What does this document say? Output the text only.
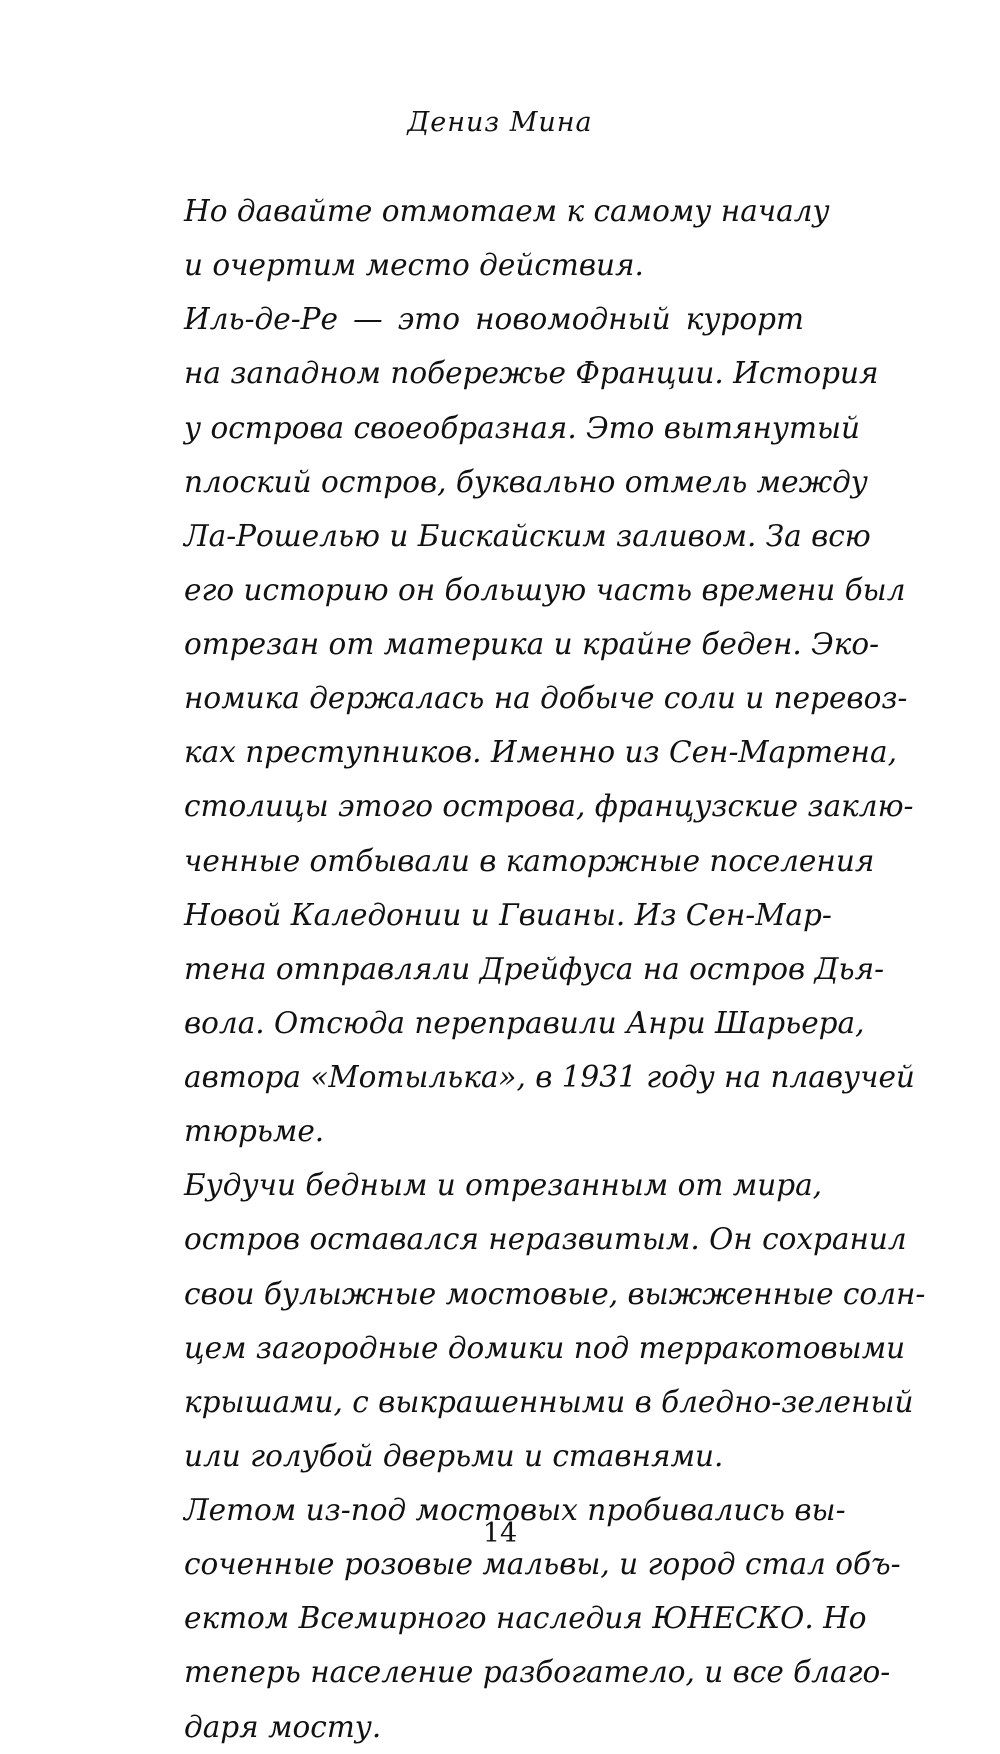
Дениз Мина

Но давайте отмотаем к самому началу
и очертим место действия.

Иль-де-Ре — это новомодный курорт
на западном побережье Франции. История
у острова своеобразная. Это вытянутый
плоский остров, буквально отмель между
Ла-Рошелью и Бискайским заливом. За всю
его историю он большую часть времени был
отрезан от материка и крайне беден. Эко-
номика держалась на добыче соли и перевоз-
ках преступников. Именно из Сен-Мартена,
столицы этого острова, французские заклю-
ченные отбывали в каторжные поселения
Новой Каледонии и Гвианы. Из Сен-Мар-
тена отправляли Дрейфуса на остров Дья-
вола. Отсюда переправили Анри Шарьера,
автора «Мотылька», в 1931 году на плавучей
тюрьме.

Будучи бедным и отрезанным от мира,
остров оставался неразвитым. Он сохранил
свои булыжные мостовые, выжженные солн-
цем загородные домики под терракотовыми
крышами, с выкрашенными в бледно-зеленый
или голубой дверьми и ставнями.

Летом из-под мостовых пробивались вы-
соченные розовые мальвы, и город стал объ-
ектом Всемирного наследия ЮНЕСКО. Но
теперь население разбогатело, и все благо-
даря мосту.

14
